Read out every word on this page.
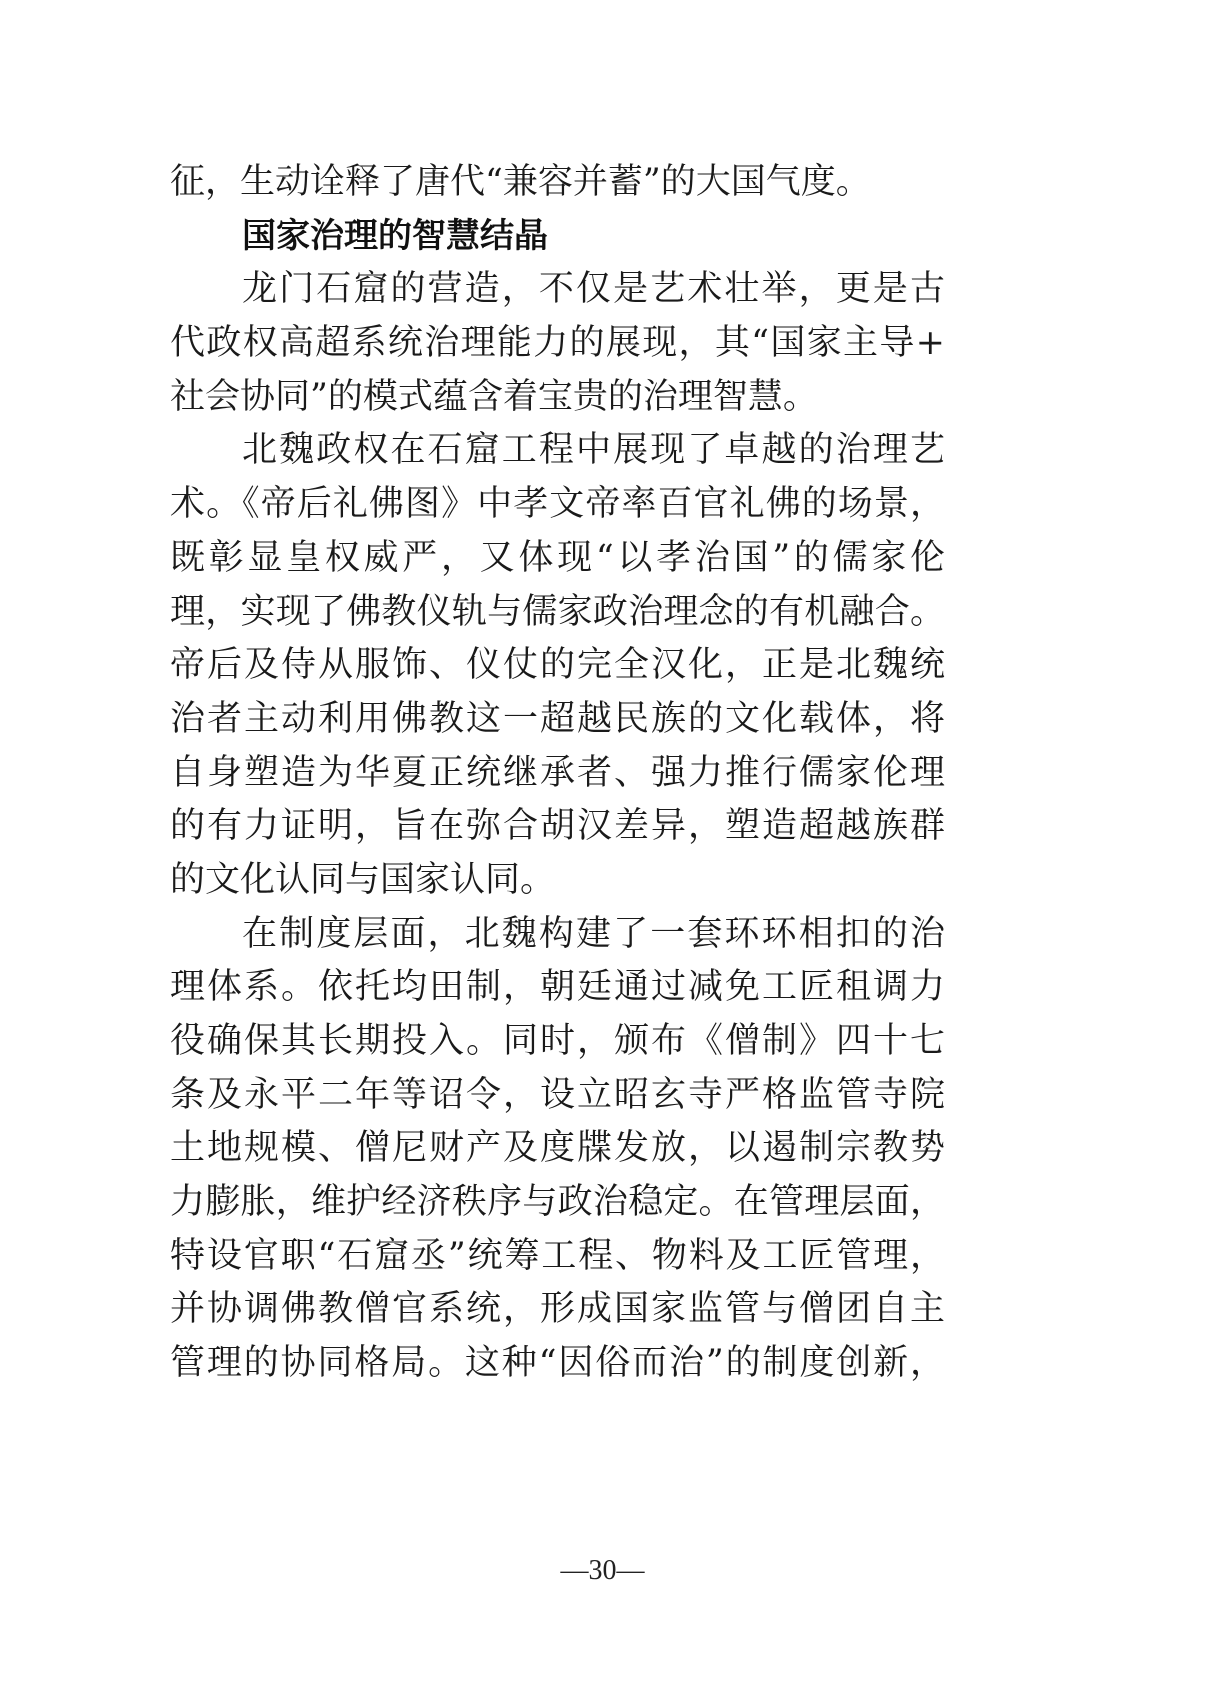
征，生动诠释了唐代“兼容并蓄”的大国气度。
国家治理的智慧结晶
龙门石窟的营造，不仅是艺术壮举，更是古
代政权高超系统治理能力的展现，其“国家主导+
社会协同”的模式蕴含着宝贵的治理智慧。
北魏政权在石窟工程中展现了卓越的治理艺
术。《帝后礼佛图》中孝文帝率百官礼佛的场景，
既彰显皇权威严，又体现“以孝治国”的儒家伦
理，实现了佛教仪轨与儒家政治理念的有机融合。
帝后及侍从服饰、仪仗的完全汉化，正是北魏统
治者主动利用佛教这一超越民族的文化载体，将
自身塑造为华夏正统继承者、强力推行儒家伦理
的有力证明，旨在弥合胡汉差异，塑造超越族群
的文化认同与国家认同。
在制度层面，北魏构建了一套环环相扣的治
理体系。依托均田制，朝廷通过减免工匠租调力
役确保其长期投入。同时，颁布《僧制》四十七
条及永平二年等诏令，设立昭玄寺严格监管寺院
土地规模、僧尼财产及度牒发放，以遏制宗教势
力膨胀，维护经济秩序与政治稳定。在管理层面，
特设官职“石窟丞”统筹工程、物料及工匠管理，
并协调佛教僧官系统，形成国家监管与僧团自主
管理的协同格局。这种“因俗而治”的制度创新，
—30—
